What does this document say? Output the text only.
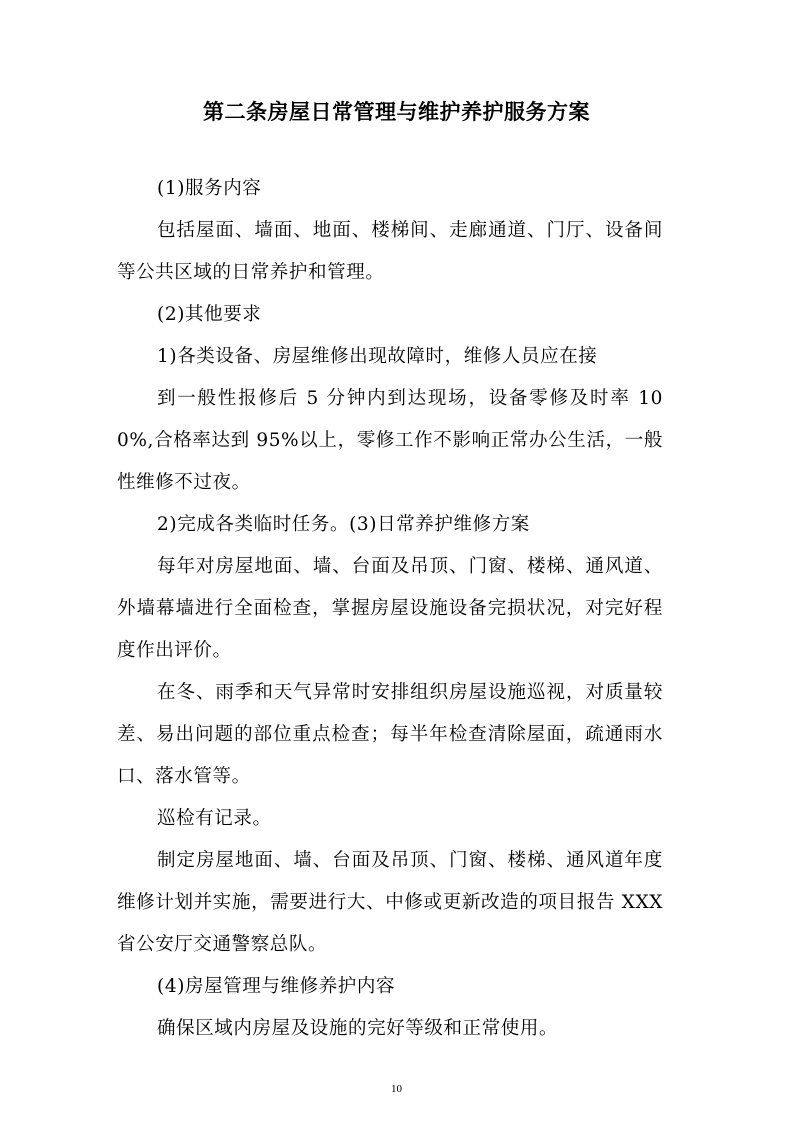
第二条房屋日常管理与维护养护服务方案

(1)服务内容

包括屋面、墙面、地面、楼梯间、走廊通道、门厅、设备间等公共区域的日常养护和管理。

(2)其他要求

1)各类设备、房屋维修出现故障时，维修人员应在接

到一般性报修后 5 分钟内到达现场，设备零修及时率 100%,合格率达到 95%以上，零修工作不影响正常办公生活，一般性维修不过夜。

2)完成各类临时任务。(3)日常养护维修方案

每年对房屋地面、墙、台面及吊顶、门窗、楼梯、通风道、外墙幕墙进行全面检查，掌握房屋设施设备完损状况，对完好程度作出评价。

在冬、雨季和天气异常时安排组织房屋设施巡视，对质量较差、易出问题的部位重点检查；每半年检查清除屋面，疏通雨水口、落水管等。

巡检有记录。

制定房屋地面、墙、台面及吊顶、门窗、楼梯、通风道年度维修计划并实施，需要进行大、中修或更新改造的项目报告 XXX 省公安厅交通警察总队。

(4)房屋管理与维修养护内容

确保区域内房屋及设施的完好等级和正常使用。

10
